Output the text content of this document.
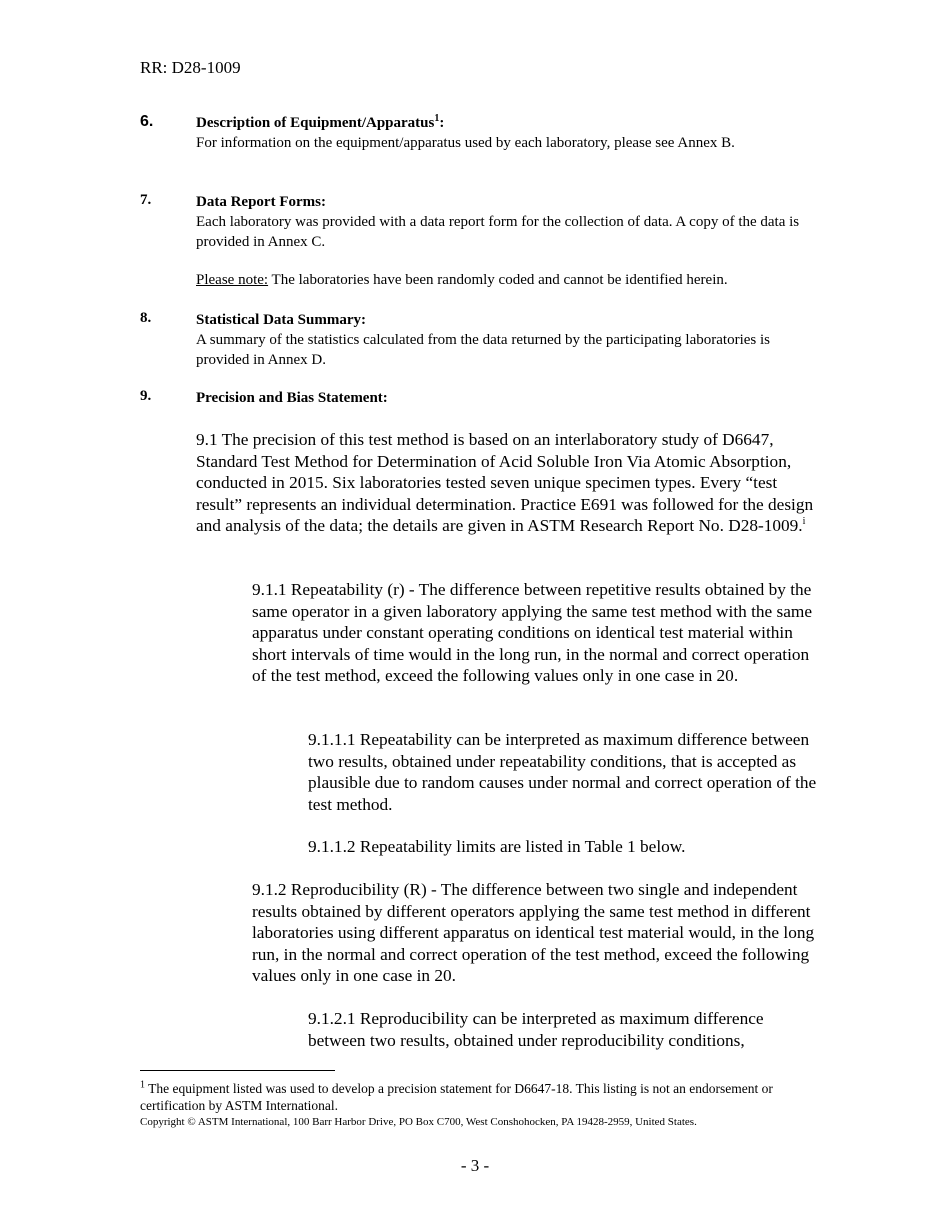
RR: D28-1009
6.	Description of Equipment/Apparatus$^1$:
For information on the equipment/apparatus used by each laboratory, please see Annex B.
7.	Data Report Forms:
Each laboratory was provided with a data report form for the collection of data. A copy of the data is provided in Annex C.
Please note: The laboratories have been randomly coded and cannot be identified herein.
8.	Statistical Data Summary:
A summary of the statistics calculated from the data returned by the participating laboratories is provided in Annex D.
9.	Precision and Bias Statement:
9.1 The precision of this test method is based on an interlaboratory study of D6647, Standard Test Method for Determination of Acid Soluble Iron Via Atomic Absorption, conducted in 2015. Six laboratories tested seven unique specimen types. Every “test result” represents an individual determination. Practice E691 was followed for the design and analysis of the data; the details are given in ASTM Research Report No. D28-1009.$^i$
9.1.1 Repeatability (r) - The difference between repetitive results obtained by the same operator in a given laboratory applying the same test method with the same apparatus under constant operating conditions on identical test material within short intervals of time would in the long run, in the normal and correct operation of the test method, exceed the following values only in one case in 20.
9.1.1.1 Repeatability can be interpreted as maximum difference between two results, obtained under repeatability conditions, that is accepted as plausible due to random causes under normal and correct operation of the test method.
9.1.1.2 Repeatability limits are listed in Table 1 below.
9.1.2 Reproducibility (R) - The difference between two single and independent results obtained by different operators applying the same test method in different laboratories using different apparatus on identical test material would, in the long run, in the normal and correct operation of the test method, exceed the following values only in one case in 20.
9.1.2.1 Reproducibility can be interpreted as maximum difference between two results, obtained under reproducibility conditions,
$^1$ The equipment listed was used to develop a precision statement for D6647-18. This listing is not an endorsement or certification by ASTM International.
Copyright © ASTM International, 100 Barr Harbor Drive, PO Box C700, West Conshohocken, PA 19428-2959, United States.
- 3 -
